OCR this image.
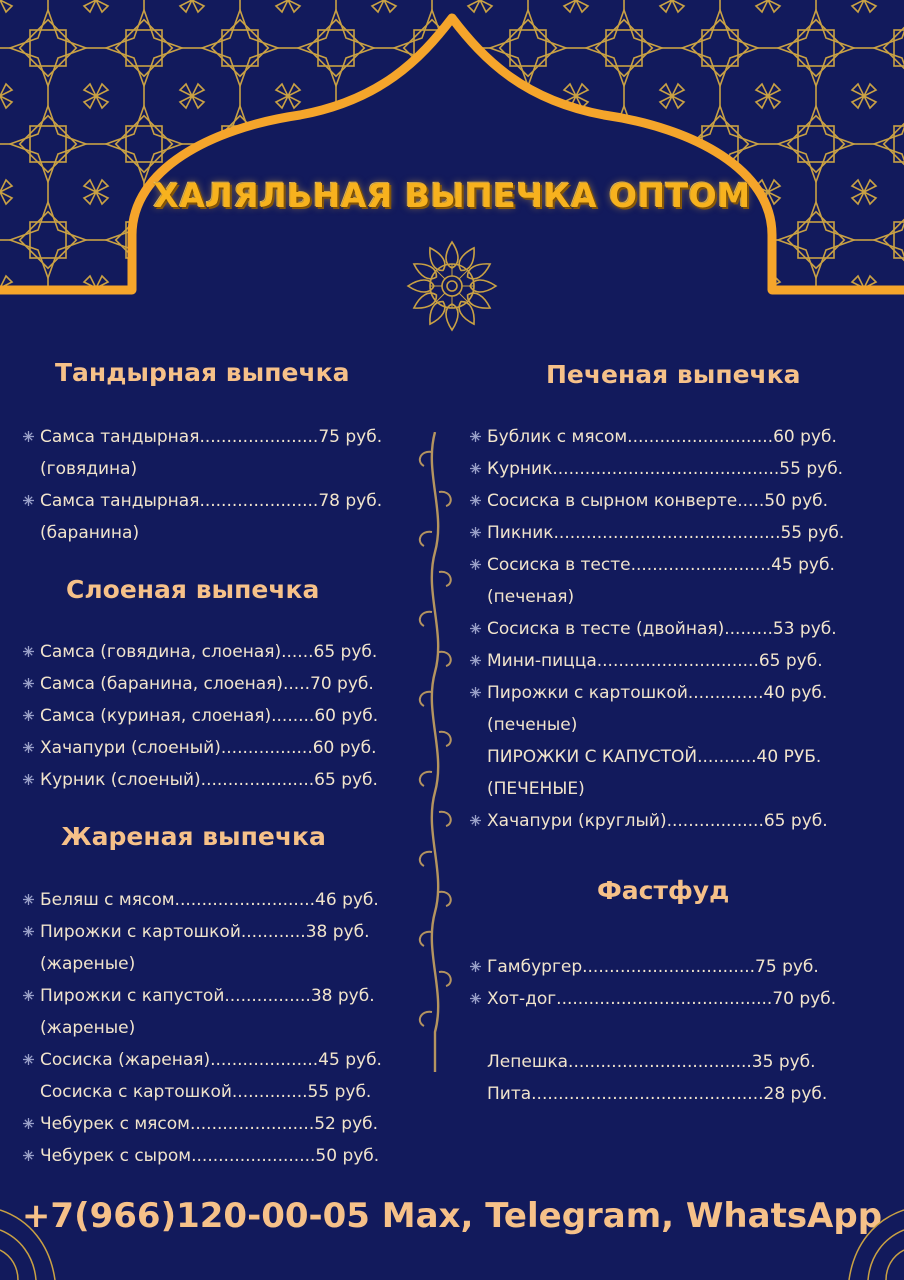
ХАЛЯЛЬНАЯ ВЫПЕЧКА ОПТОМ
Тандырная выпечка
Самса тандырная......................75 руб.
(говядина)
Самса тандырная......................78 руб.
(баранина)
Слоеная выпечка
Самса (говядина, слоеная)......65 руб.
Самса (баранина, слоеная).....70 руб.
Самса (куриная, слоеная)........60 руб.
Хачапури (слоеный).................60 руб.
Курник (слоеный).....................65 руб.
Жареная выпечка
Беляш с мясом..........................46 руб.
Пирожки с картошкой............38 руб.
(жареные)
Пирожки с капустой................38 руб.
(жареные)
Сосиска (жареная)....................45 руб.
Сосиска с картошкой..............55 руб.
Чебурек с мясом.......................52 руб.
Чебурек с сыром.......................50 руб.
Печеная выпечка
Бублик с мясом...........................60 руб.
Курник..........................................55 руб.
Сосиска в сырном конверте.....50 руб.
Пикник..........................................55 руб.
Сосиска в тесте..........................45 руб.
(печеная)
Сосиска в тесте (двойная).........53 руб.
Мини-пицца..............................65 руб.
Пирожки с картошкой..............40 руб.
(печеные)
ПИРОЖКИ С КАПУСТОЙ...........40 РУБ.
(ПЕЧЕНЫЕ)
Хачапури (круглый)..................65 руб.
Фастфуд
Гамбургер................................75 руб.
Хот-дог........................................70 руб.
Лепешка..................................35 руб.
Пита...........................................28 руб.
+7(966)120-00-05 Max, Telegram, WhatsApp
